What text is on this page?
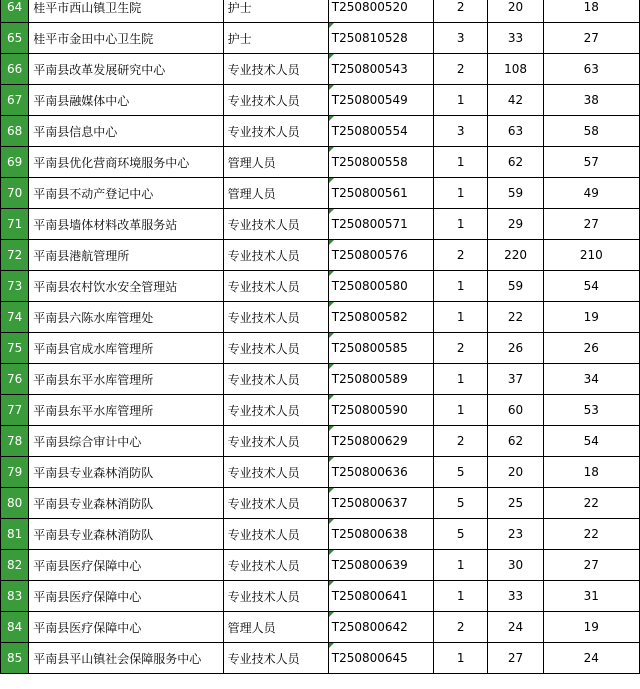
64	桂平市西山镇卫生院	护士	T250800520	2	20	18
65	桂平市金田中心卫生院	护士	T250810528	3	33	27
66	平南县改革发展研究中心	专业技术人员	T250800543	2	108	63
67	平南县融媒体中心	专业技术人员	T250800549	1	42	38
68	平南县信息中心	专业技术人员	T250800554	3	63	58
69	平南县优化营商环境服务中心	管理人员	T250800558	1	62	57
70	平南县不动产登记中心	管理人员	T250800561	1	59	49
71	平南县墙体材料改革服务站	专业技术人员	T250800571	1	29	27
72	平南县港航管理所	专业技术人员	T250800576	2	220	210
73	平南县农村饮水安全管理站	专业技术人员	T250800580	1	59	54
74	平南县六陈水库管理处	专业技术人员	T250800582	1	22	19
75	平南县官成水库管理所	专业技术人员	T250800585	2	26	26
76	平南县东平水库管理所	专业技术人员	T250800589	1	37	34
77	平南县东平水库管理所	专业技术人员	T250800590	1	60	53
78	平南县综合审计中心	专业技术人员	T250800629	2	62	54
79	平南县专业森林消防队	专业技术人员	T250800636	5	20	18
80	平南县专业森林消防队	专业技术人员	T250800637	5	25	22
81	平南县专业森林消防队	专业技术人员	T250800638	5	23	22
82	平南县医疗保障中心	专业技术人员	T250800639	1	30	27
83	平南县医疗保障中心	专业技术人员	T250800641	1	33	31
84	平南县医疗保障中心	管理人员	T250800642	2	24	19
85	平南县平山镇社会保障服务中心	专业技术人员	T250800645	1	27	24
